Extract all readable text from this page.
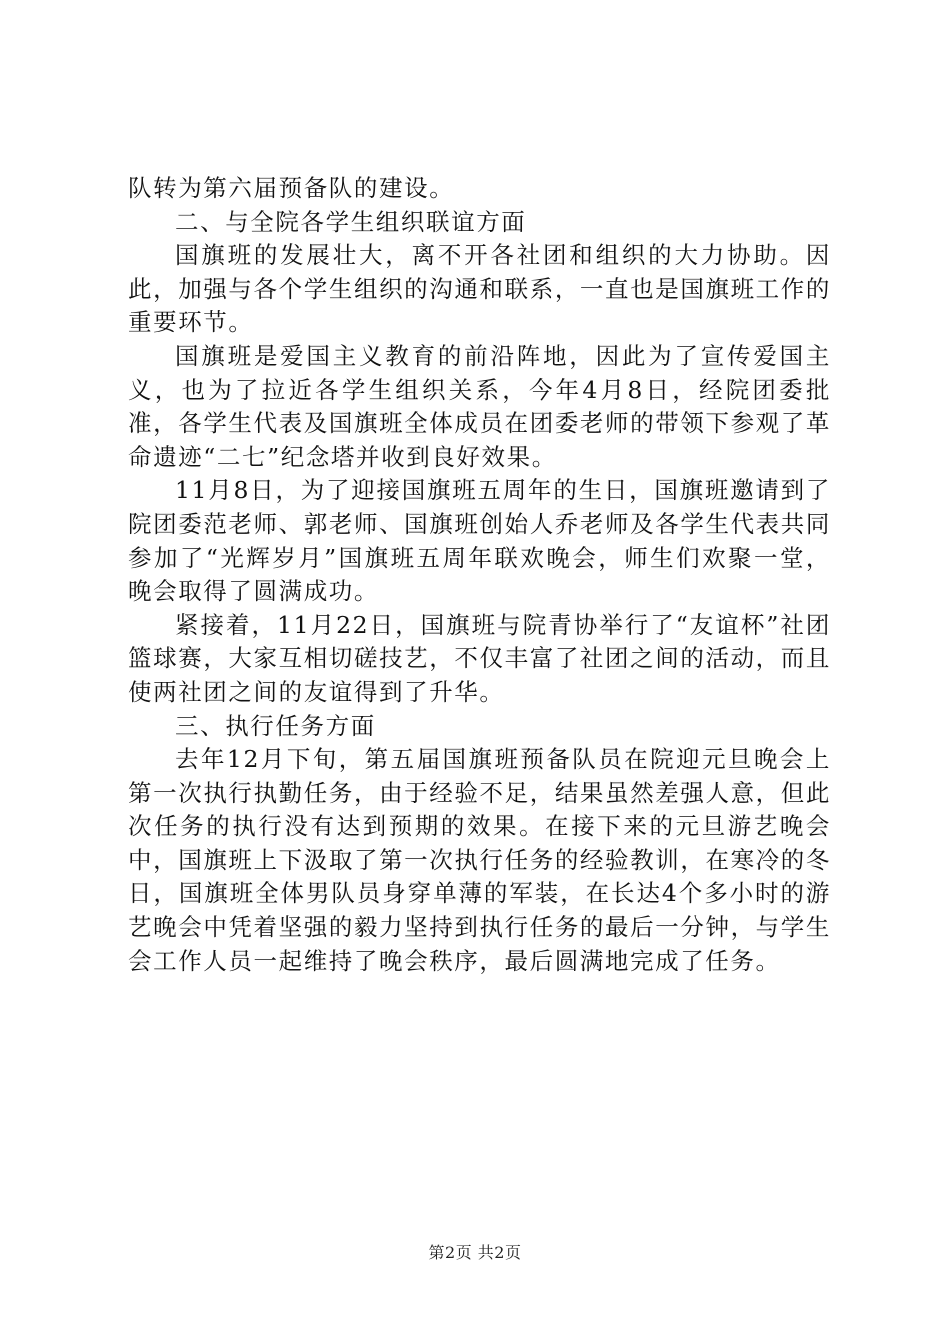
队转为第六届预备队的建设。

二、与全院各学生组织联谊方面

国旗班的发展壮大，离不开各社团和组织的大力协助。因此，加强与各个学生组织的沟通和联系，一直也是国旗班工作的重要环节。

国旗班是爱国主义教育的前沿阵地，因此为了宣传爱国主义，也为了拉近各学生组织关系，今年4月8日，经院团委批准，各学生代表及国旗班全体成员在团委老师的带领下参观了革命遗迹“二七”纪念塔并收到良好效果。

11月8日，为了迎接国旗班五周年的生日，国旗班邀请到了院团委范老师、郭老师、国旗班创始人乔老师及各学生代表共同参加了“光辉岁月”国旗班五周年联欢晚会，师生们欢聚一堂，晚会取得了圆满成功。

紧接着，11月22日，国旗班与院青协举行了“友谊杯”社团篮球赛，大家互相切磋技艺，不仅丰富了社团之间的活动，而且使两社团之间的友谊得到了升华。

三、执行任务方面

去年12月下旬，第五届国旗班预备队员在院迎元旦晚会上第一次执行执勤任务，由于经验不足，结果虽然差强人意，但此次任务的执行没有达到预期的效果。在接下来的元旦游艺晚会中，国旗班上下汲取了第一次执行任务的经验教训，在寒冷的冬日，国旗班全体男队员身穿单薄的军装，在长达4个多小时的游艺晚会中凭着坚强的毅力坚持到执行任务的最后一分钟，与学生会工作人员一起维持了晚会秩序，最后圆满地完成了任务。

第2页 共2页
